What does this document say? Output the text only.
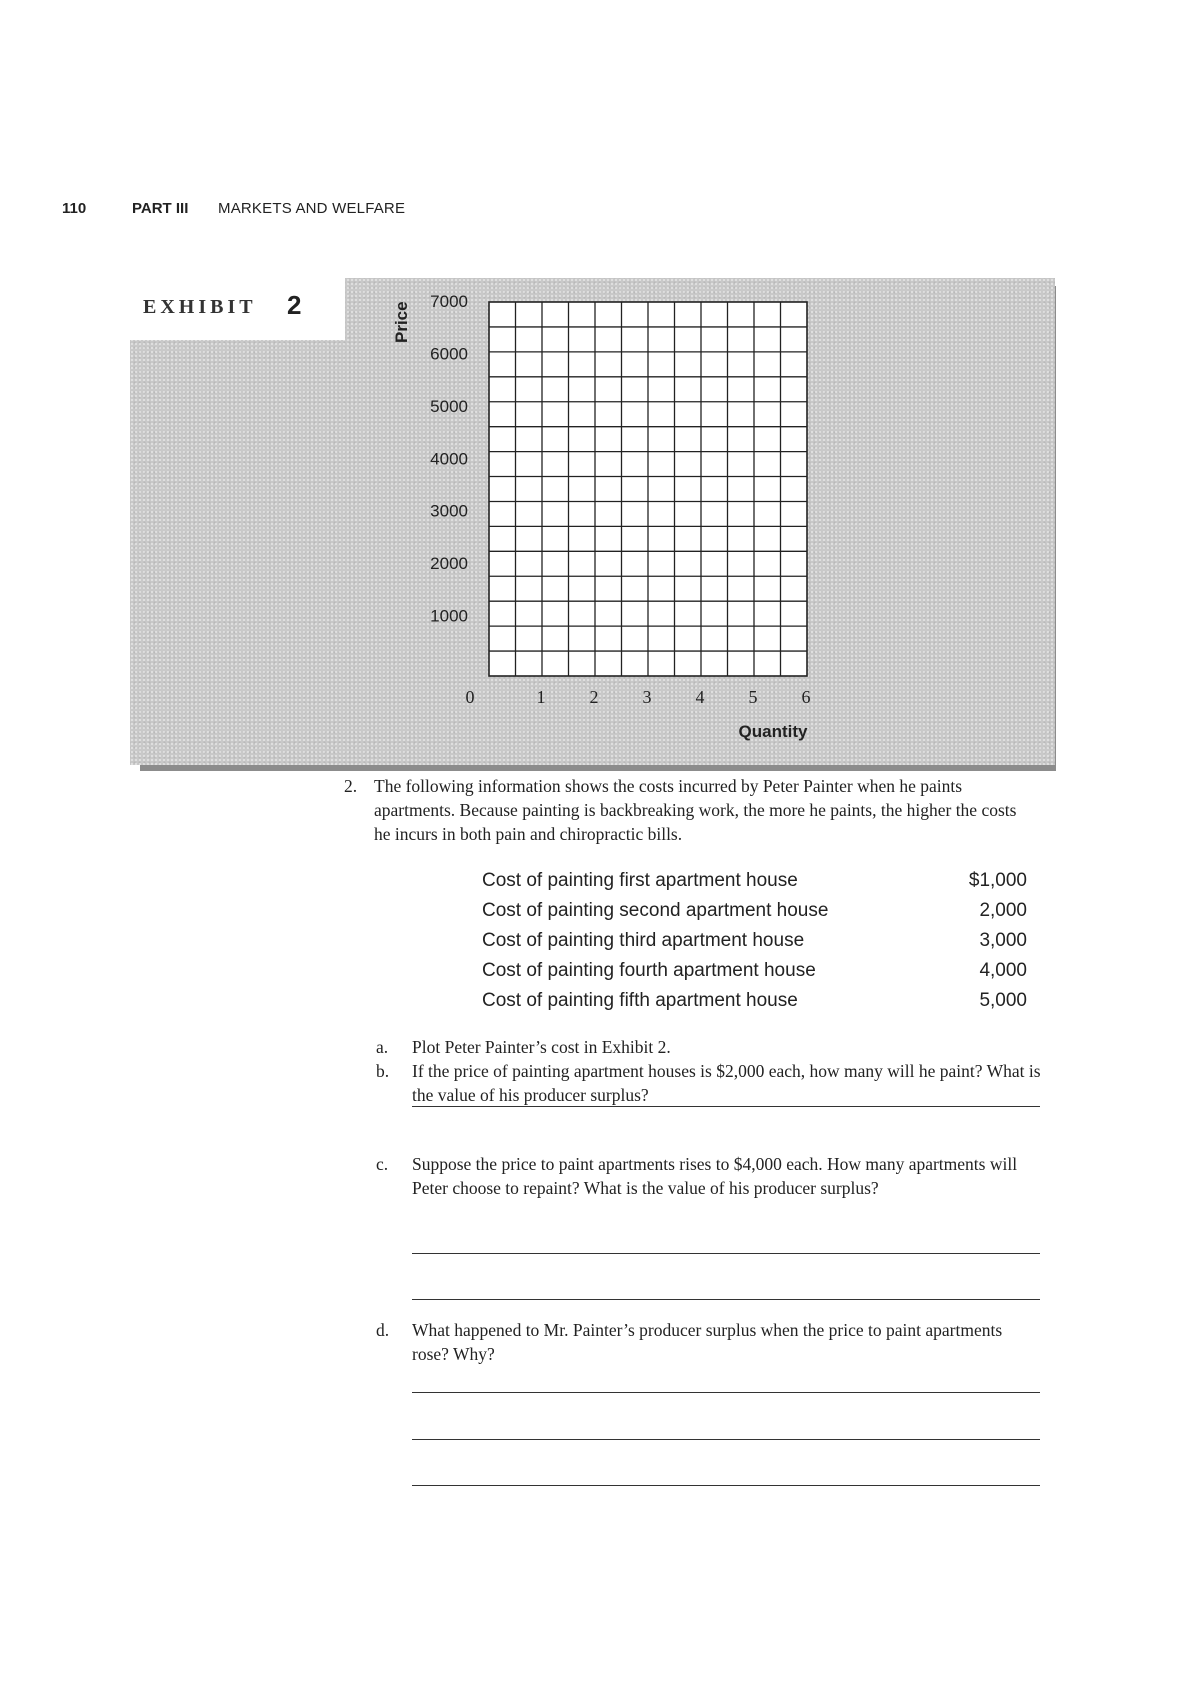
110	PART III MARKETS AND WELFARE
EXHIBIT 2	Price
Quantity
7000
6000
5000
4000
3000
2000
1000
0	1 2 3 4 5 6
2. The following information shows the costs incurred by Peter Painter when he paints apartments. Because painting is backbreaking work, the more he paints, the higher the costs he incurs in both pain and chiropractic bills.
Cost of painting first apartment house	$1,000
Cost of painting second apartment house	2,000
Cost of painting third apartment house	3,000
Cost of painting fourth apartment house	4,000
Cost of painting fifth apartment house	5,000
a. Plot Peter Painter’s cost in Exhibit 2.
b. If the price of painting apartment houses is $2,000 each, how many will he paint? What is the value of his producer surplus?
c. Suppose the price to paint apartments rises to $4,000 each. How many apartments will Peter choose to repaint? What is the value of his producer surplus?
d. What happened to Mr. Painter’s producer surplus when the price to paint apartments rose? Why?
